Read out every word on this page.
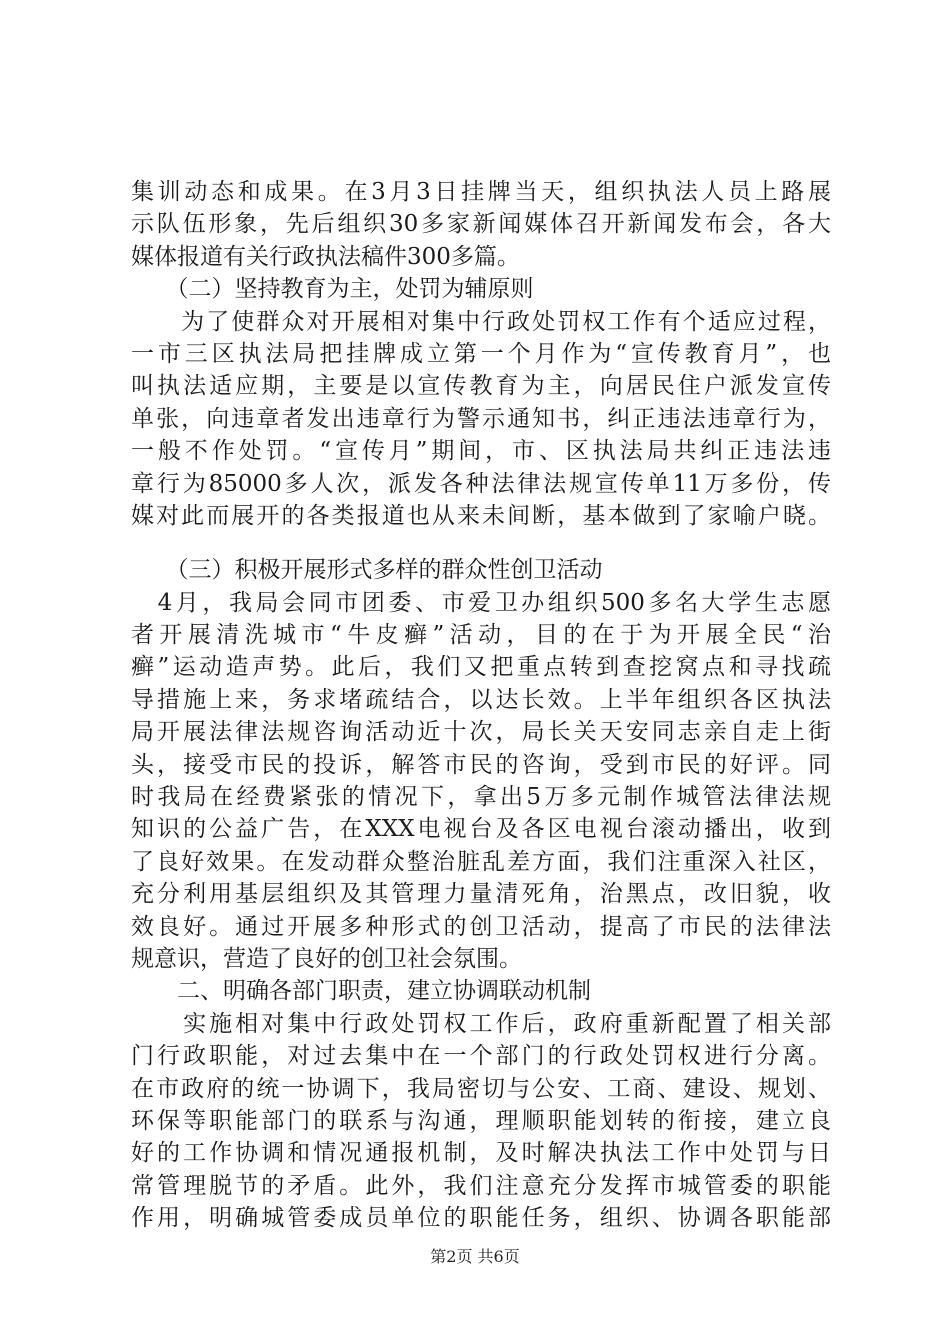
集训动态和成果。在3月3日挂牌当天，组织执法人员上路展
示队伍形象，先后组织30多家新闻媒体召开新闻发布会，各大
媒体报道有关行政执法稿件300多篇。
　　（二）坚持教育为主，处罚为辅原则
　　为了使群众对开展相对集中行政处罚权工作有个适应过程，
一市三区执法局把挂牌成立第一个月作为“宣传教育月”，也
叫执法适应期，主要是以宣传教育为主，向居民住户派发宣传
单张，向违章者发出违章行为警示通知书，纠正违法违章行为，
一般不作处罚。“宣传月”期间，市、区执法局共纠正违法违
章行为85000多人次，派发各种法律法规宣传单11万多份，传
媒对此而展开的各类报道也从来未间断，基本做到了家喻户晓。
　　（三）积极开展形式多样的群众性创卫活动
　4月，我局会同市团委、市爱卫办组织500多名大学生志愿
者开展清洗城市“牛皮癣”活动，目的在于为开展全民“治
癣”运动造声势。此后，我们又把重点转到查挖窝点和寻找疏
导措施上来，务求堵疏结合，以达长效。上半年组织各区执法
局开展法律法规咨询活动近十次，局长关天安同志亲自走上街
头，接受市民的投诉，解答市民的咨询，受到市民的好评。同
时我局在经费紧张的情况下，拿出5万多元制作城管法律法规
知识的公益广告，在XXX电视台及各区电视台滚动播出，收到
了良好效果。在发动群众整治脏乱差方面，我们注重深入社区，
充分利用基层组织及其管理力量清死角，治黑点，改旧貌，收
效良好。通过开展多种形式的创卫活动，提高了市民的法律法
规意识，营造了良好的创卫社会氛围。
　　二、明确各部门职责，建立协调联动机制
　　实施相对集中行政处罚权工作后，政府重新配置了相关部
门行政职能，对过去集中在一个部门的行政处罚权进行分离。
在市政府的统一协调下，我局密切与公安、工商、建设、规划、
环保等职能部门的联系与沟通，理顺职能划转的衔接，建立良
好的工作协调和情况通报机制，及时解决执法工作中处罚与日
常管理脱节的矛盾。此外，我们注意充分发挥市城管委的职能
作用，明确城管委成员单位的职能任务，组织、协调各职能部
第2页 共6页
